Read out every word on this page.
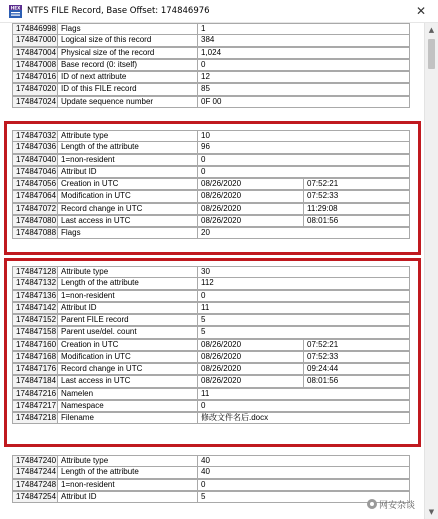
HEX NTFS FILE Record, Base Offset: 174846976	✕
174846998 Flags	1
174847000 Logical size of this record	384
174847004 Physical size of the record	1,024
174847008 Base record (0: itself)	0
174847016 ID of next attribute	12
174847020 ID of this FILE record	85
174847024 Update sequence number	0F 00
174847032 Attribute type	10
174847036 Length of the attribute	96
174847040 1=non-resident	0
174847046 Attribut ID	0
174847056 Creation in UTC	08/26/2020	07:52:21
174847064 Modification in UTC	08/26/2020	07:52:33
174847072 Record change in UTC	08/26/2020	11:29:08
174847080 Last access in UTC	08/26/2020	08:01:56
174847088 Flags	20
174847128 Attribute type	30
174847132 Length of the attribute	112
174847136 1=non-resident	0
174847142 Attribut ID	11
174847152 Parent FILE record	5
174847158 Parent use/del. count	5
174847160 Creation in UTC	08/26/2020	07:52:21
174847168 Modification in UTC	08/26/2020	07:52:33
174847176 Record change in UTC	08/26/2020	09:24:44
174847184 Last access in UTC	08/26/2020	08:01:56
174847216 Namelen	11
174847217 Namespace	0
174847218 Filename	修改文件名后.docx
174847240 Attribute type	40
174847244 Length of the attribute	40
174847248 1=non-resident	0
174847254 Attribut ID	5
▲
▼
网安杂谈
